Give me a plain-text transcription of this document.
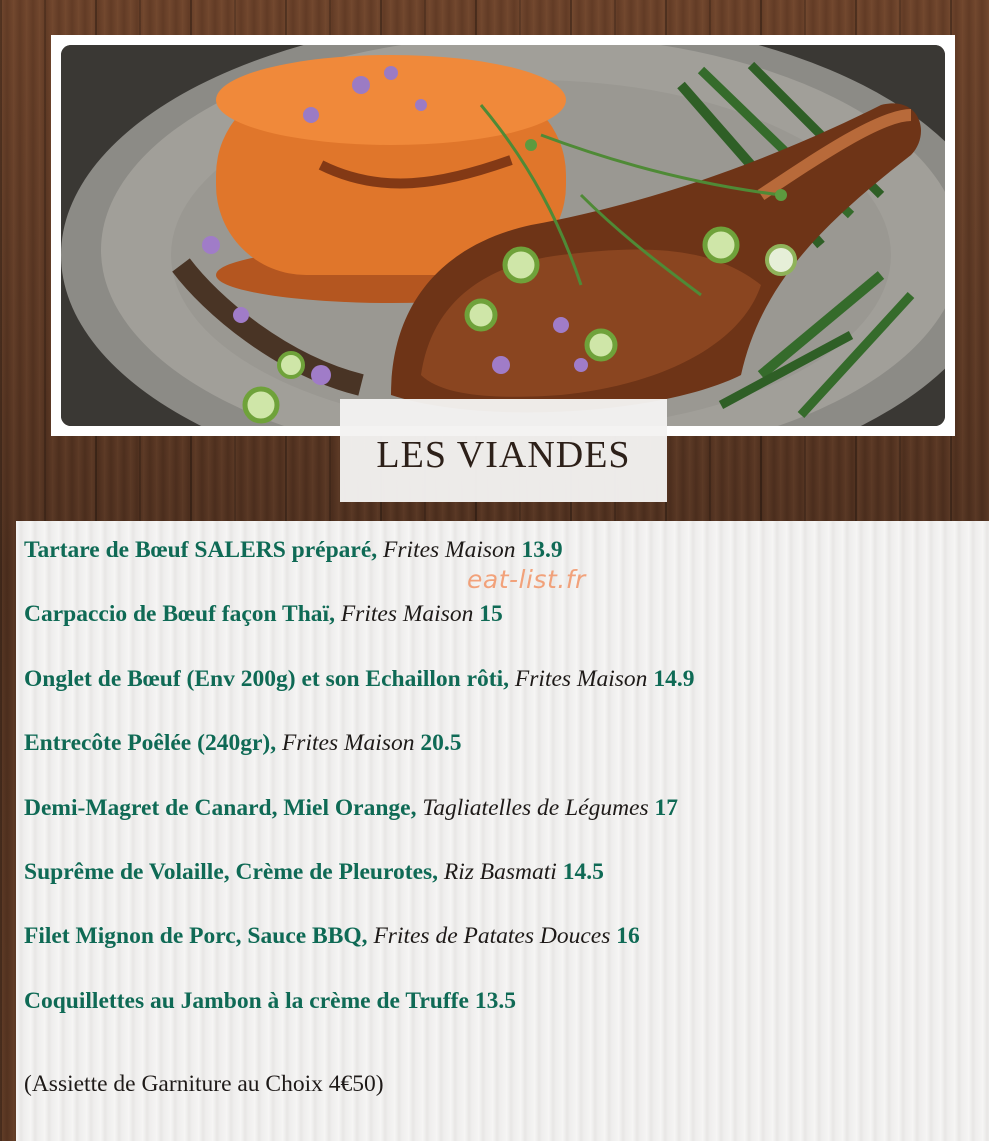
LES VIANDES

Tartare de Bœuf SALERS préparé, Frites Maison 13.9

Carpaccio de Bœuf façon Thaï, Frites Maison 15

Onglet de Bœuf (Env 200g) et son Echaillon rôti, Frites Maison 14.9

Entrecôte Poêlée (240gr), Frites Maison 20.5

Demi-Magret de Canard, Miel Orange, Tagliatelles de Légumes 17

Suprême de Volaille, Crème de Pleurotes, Riz Basmati 14.5

Filet Mignon de Porc, Sauce BBQ, Frites de Patates Douces 16

Coquillettes au Jambon à la crème de Truffe 13.5

(Assiette de Garniture au Choix 4€50)

eat-list.fr
